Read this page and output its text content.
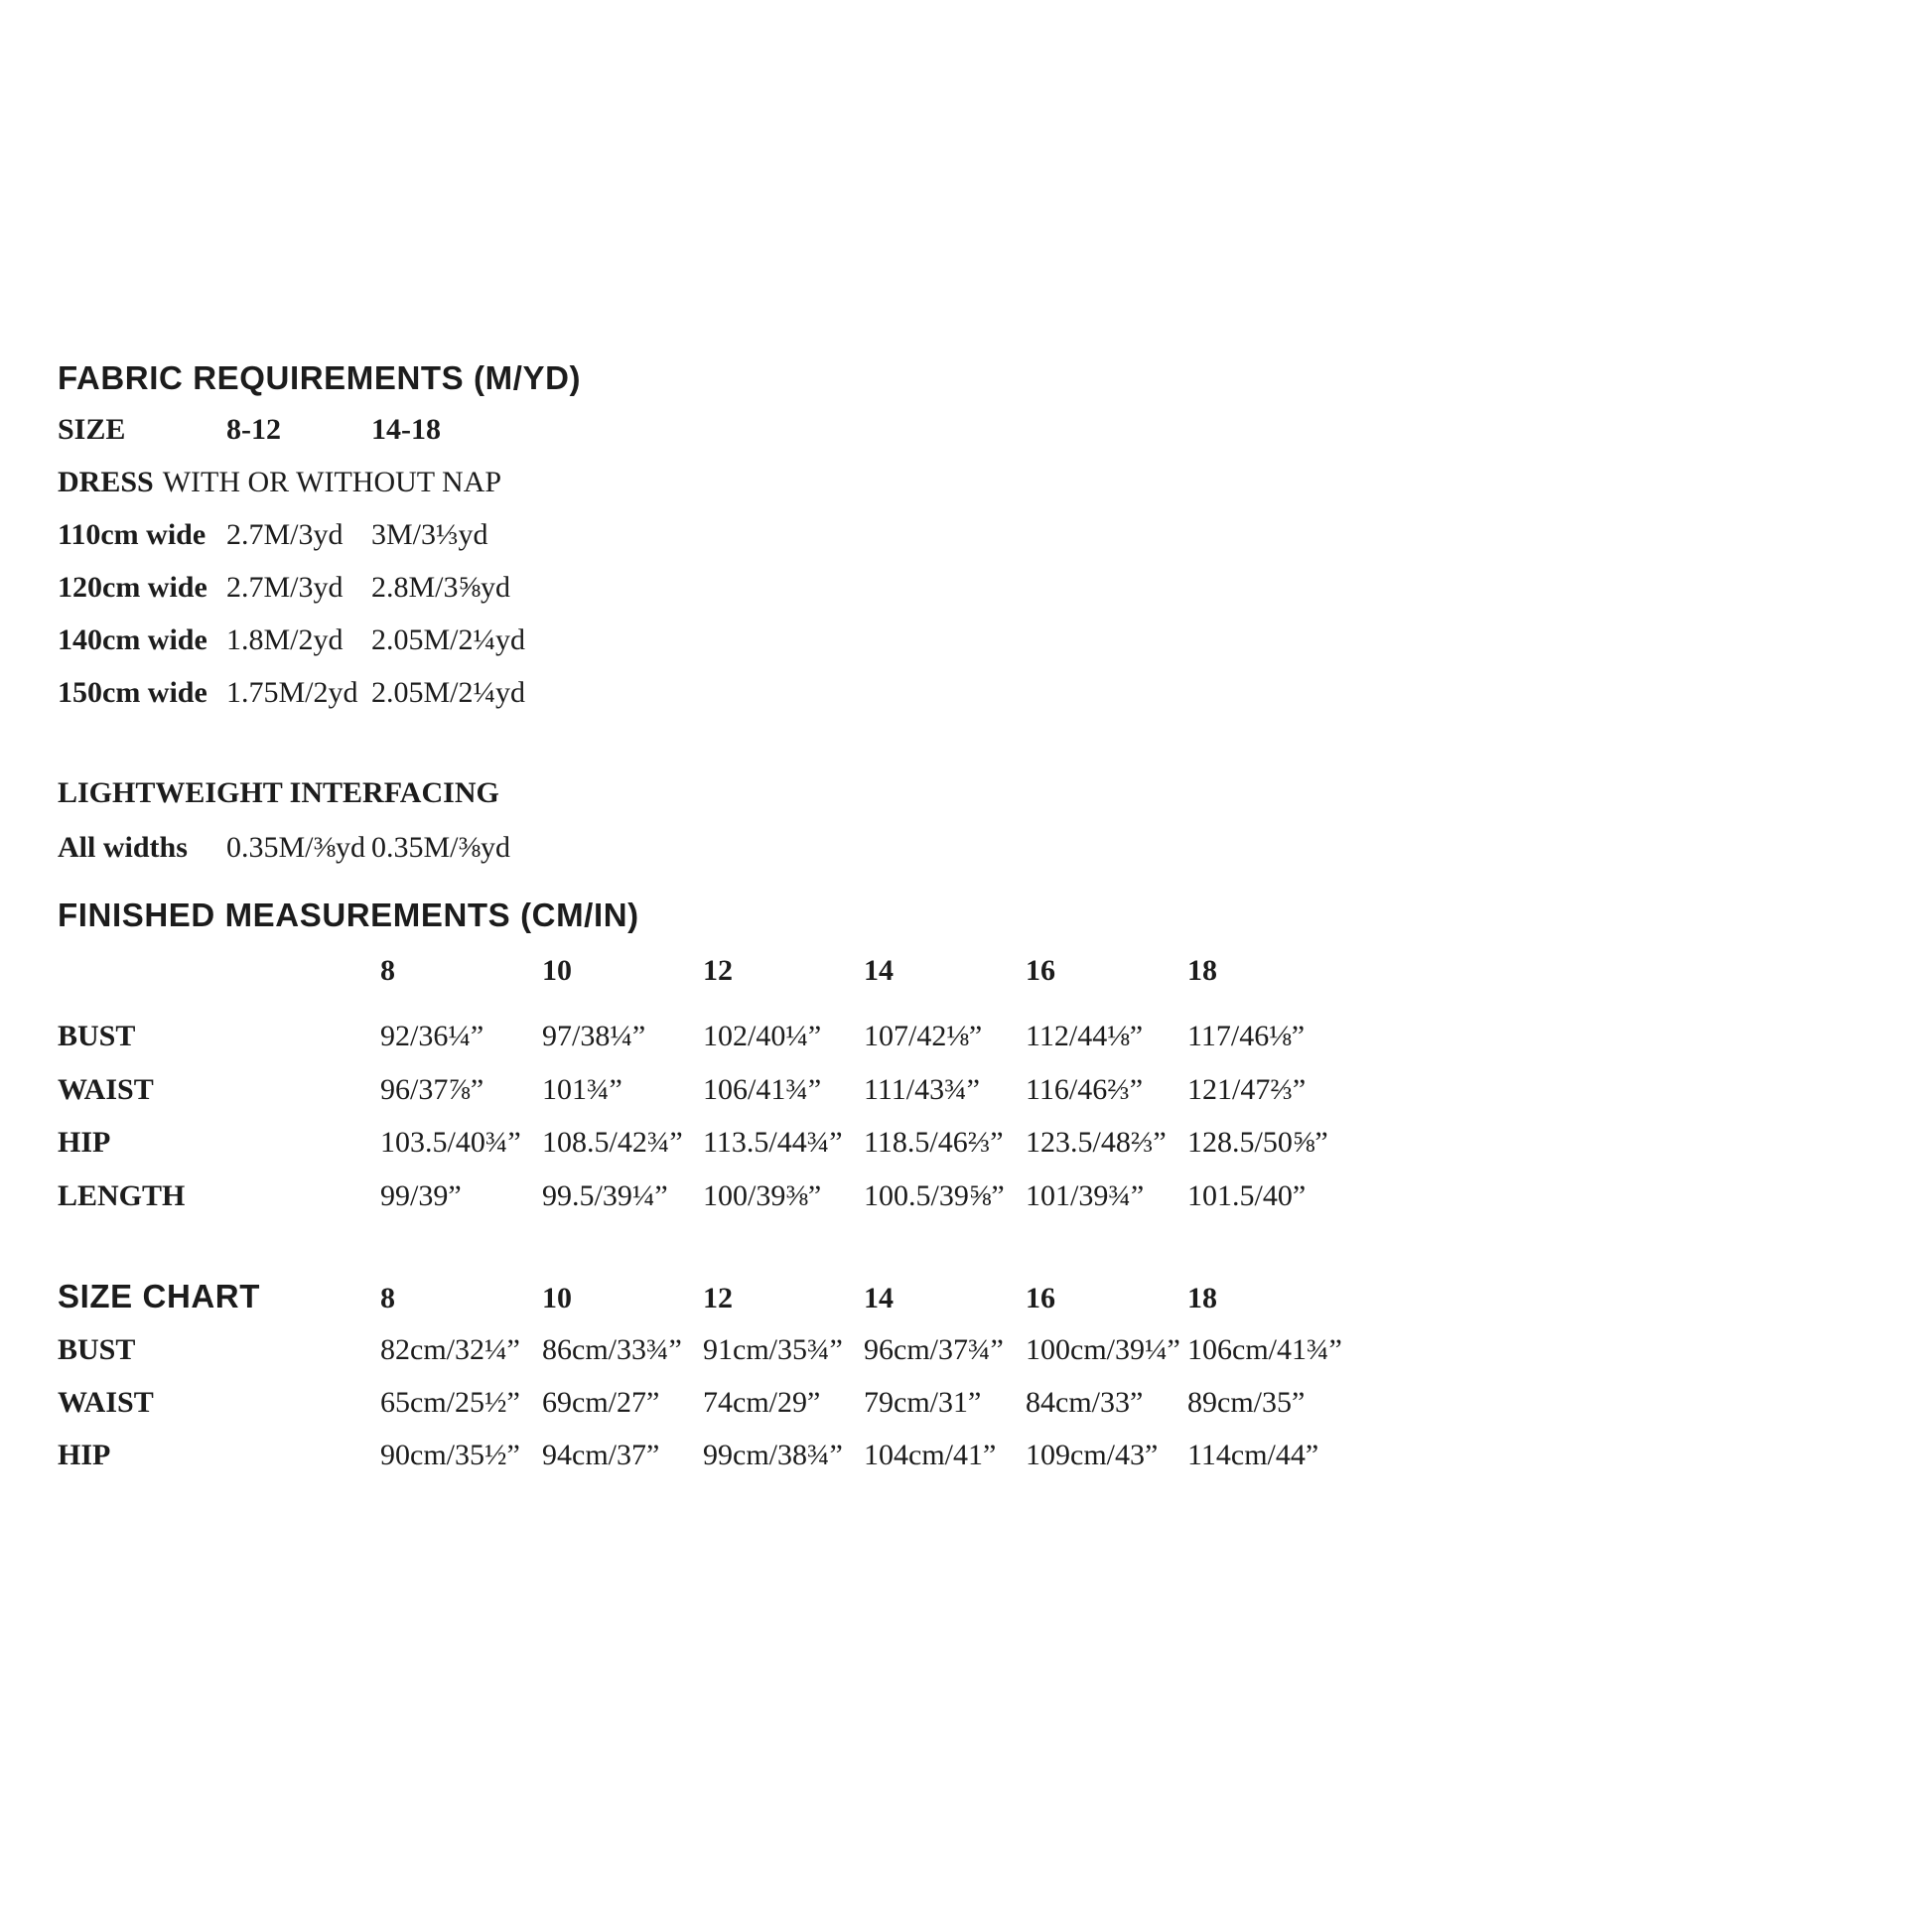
FABRIC REQUIREMENTS (M/YD)
SIZE	8-12	14-18
DRESS WITH OR WITHOUT NAP
110cm wide 2.7M/3yd 3M/3⅓yd
120cm wide 2.7M/3yd 2.8M/3⅝yd
140cm wide 1.8M/2yd 2.05M/2¼yd
150cm wide 1.75M/2yd 2.05M/2¼yd
LIGHTWEIGHT INTERFACING
All widths 0.35M/⅜yd 0.35M/⅜yd
FINISHED MEASUREMENTS (CM/IN)
8	10	12	14	16	18
BUST	92/36¼” 97/38¼” 102/40¼” 107/42⅛” 112/44⅛” 117/46⅛”
WAIST	96/37⅞” 101¾”	106/41¾” 111/43¾” 116/46⅔” 121/47⅔”
HIP	103.5/40¾” 108.5/42¾” 113.5/44¾” 118.5/46⅔” 123.5/48⅔” 128.5/50⅝”
LENGTH	99/39”	99.5/39¼” 100/39⅜” 100.5/39⅝” 101/39¾” 101.5/40”
SIZE CHART	8	10	12	14	16	18
BUST	82cm/32¼” 86cm/33¾” 91cm/35¾” 96cm/37¾” 100cm/39¼” 106cm/41¾”
WAIST	65cm/25½” 69cm/27” 74cm/29” 79cm/31” 84cm/33” 89cm/35”
HIP	90cm/35½” 94cm/37” 99cm/38¾” 104cm/41” 109cm/43” 114cm/44”
